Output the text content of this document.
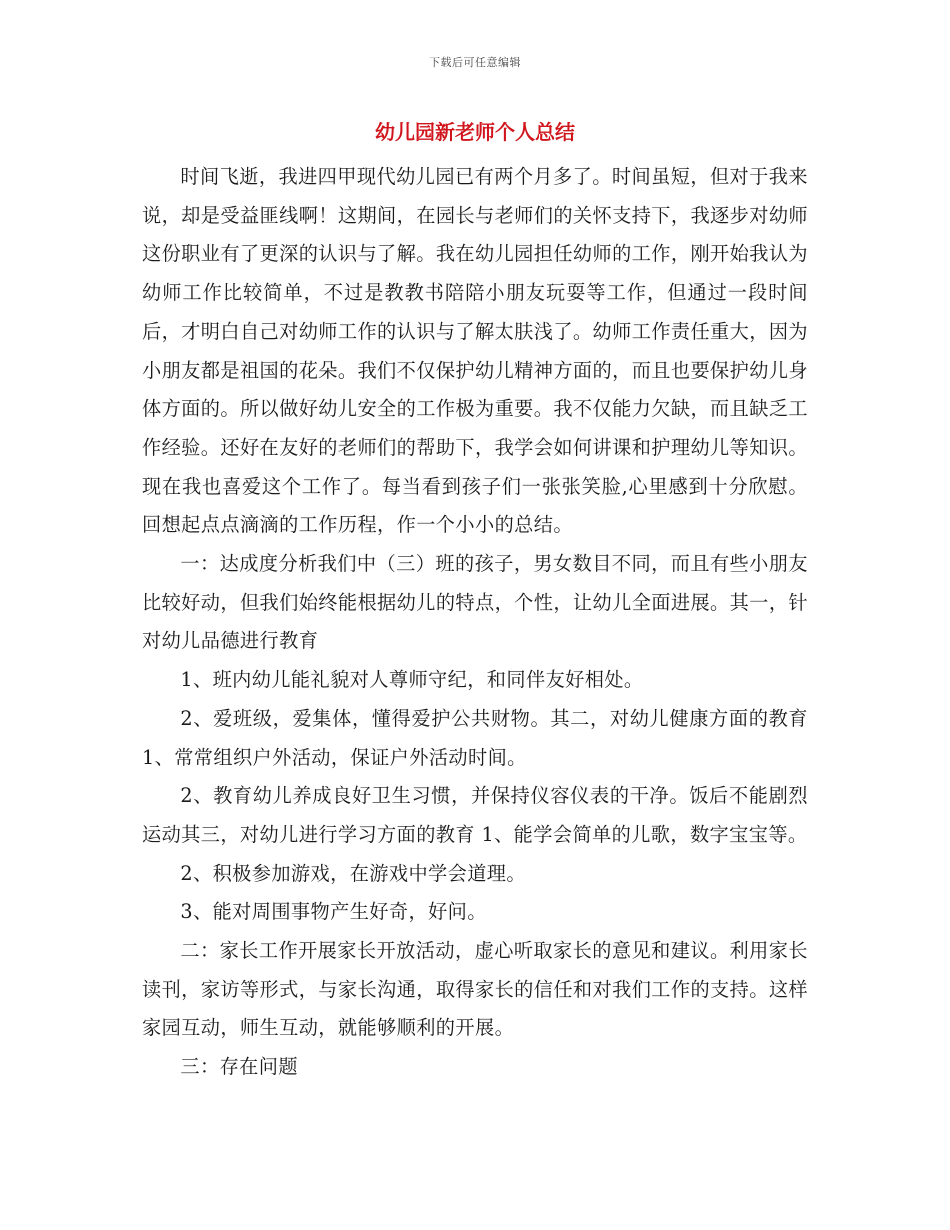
下载后可任意编辑
幼儿园新老师个人总结

时间飞逝，我进四甲现代幼儿园已有两个月多了。时间虽短，但对于我来说，却是受益匪线啊！这期间，在园长与老师们的关怀支持下，我逐步对幼师这份职业有了更深的认识与了解。我在幼儿园担任幼师的工作，刚开始我认为幼师工作比较简单，不过是教教书陪陪小朋友玩耍等工作，但通过一段时间后，才明白自己对幼师工作的认识与了解太肤浅了。幼师工作责任重大，因为小朋友都是祖国的花朵。我们不仅保护幼儿精神方面的，而且也要保护幼儿身体方面的。所以做好幼儿安全的工作极为重要。我不仅能力欠缺，而且缺乏工作经验。还好在友好的老师们的帮助下，我学会如何讲课和护理幼儿等知识。现在我也喜爱这个工作了。每当看到孩子们一张张笑脸,心里感到十分欣慰。回想起点点滴滴的工作历程，作一个小小的总结。

一：达成度分析我们中（三）班的孩子，男女数目不同，而且有些小朋友比较好动，但我们始终能根据幼儿的特点，个性，让幼儿全面进展。其一，针对幼儿品德进行教育

1、班内幼儿能礼貌对人尊师守纪，和同伴友好相处。

2、爱班级，爱集体，懂得爱护公共财物。其二，对幼儿健康方面的教育 1、常常组织户外活动，保证户外活动时间。

2、教育幼儿养成良好卫生习惯，并保持仪容仪表的干净。饭后不能剧烈运动其三，对幼儿进行学习方面的教育 1、能学会简单的儿歌，数字宝宝等。

2、积极参加游戏，在游戏中学会道理。

3、能对周围事物产生好奇，好问。

二：家长工作开展家长开放活动，虚心听取家长的意见和建议。利用家长读刊，家访等形式，与家长沟通，取得家长的信任和对我们工作的支持。这样家园互动，师生互动，就能够顺利的开展。

三：存在问题
